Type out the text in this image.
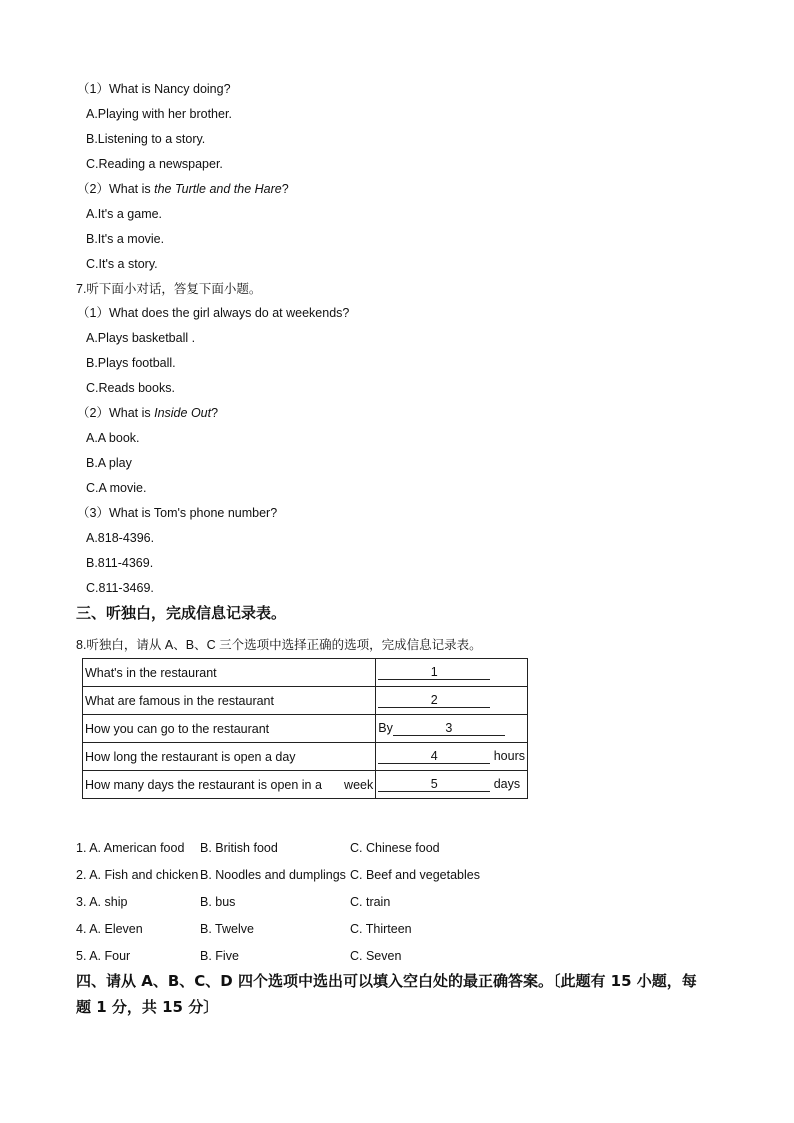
（1）What is Nancy doing?
A.Playing with her brother.
B.Listening to a story.
C.Reading a newspaper.
（2）What is the Turtle and the Hare?
A.It's a game.
B.It's a movie.
C.It's a story.
7.听下面小对话，答复下面小题。
（1）What does the girl always do at weekends?
A.Plays basketball .
B.Plays football.
C.Reads books.
（2）What is Inside Out?
A.A book.
B.A play
C.A movie.
（3）What is Tom's phone number?
A.818-4396.
B.811-4369.
C.811-3469.
三、听独白，完成信息记录表。
8.听独白，请从 A、B、C 三个选项中选择正确的选项，完成信息记录表。
What's in the restaurant	1
What are famous in the restaurant	2
How you can go to the restaurant	By 3
How long the restaurant is open a day	4 hours
How many days the restaurant is open in a week	5 days
1. A. American food B. British food	C. Chinese food
2. A. Fish and chicken B. Noodles and dumplings C. Beef and vegetables
3. A. ship	B. bus	C. train
4. A. Eleven	B. Twelve	C. Thirteen
5. A. Four	B. Five	C. Seven
四、请从 A、B、C、D 四个选项中选出可以填入空白处的最正确答案。〔此题有 15 小题，每
题 1 分，共 15 分〕
